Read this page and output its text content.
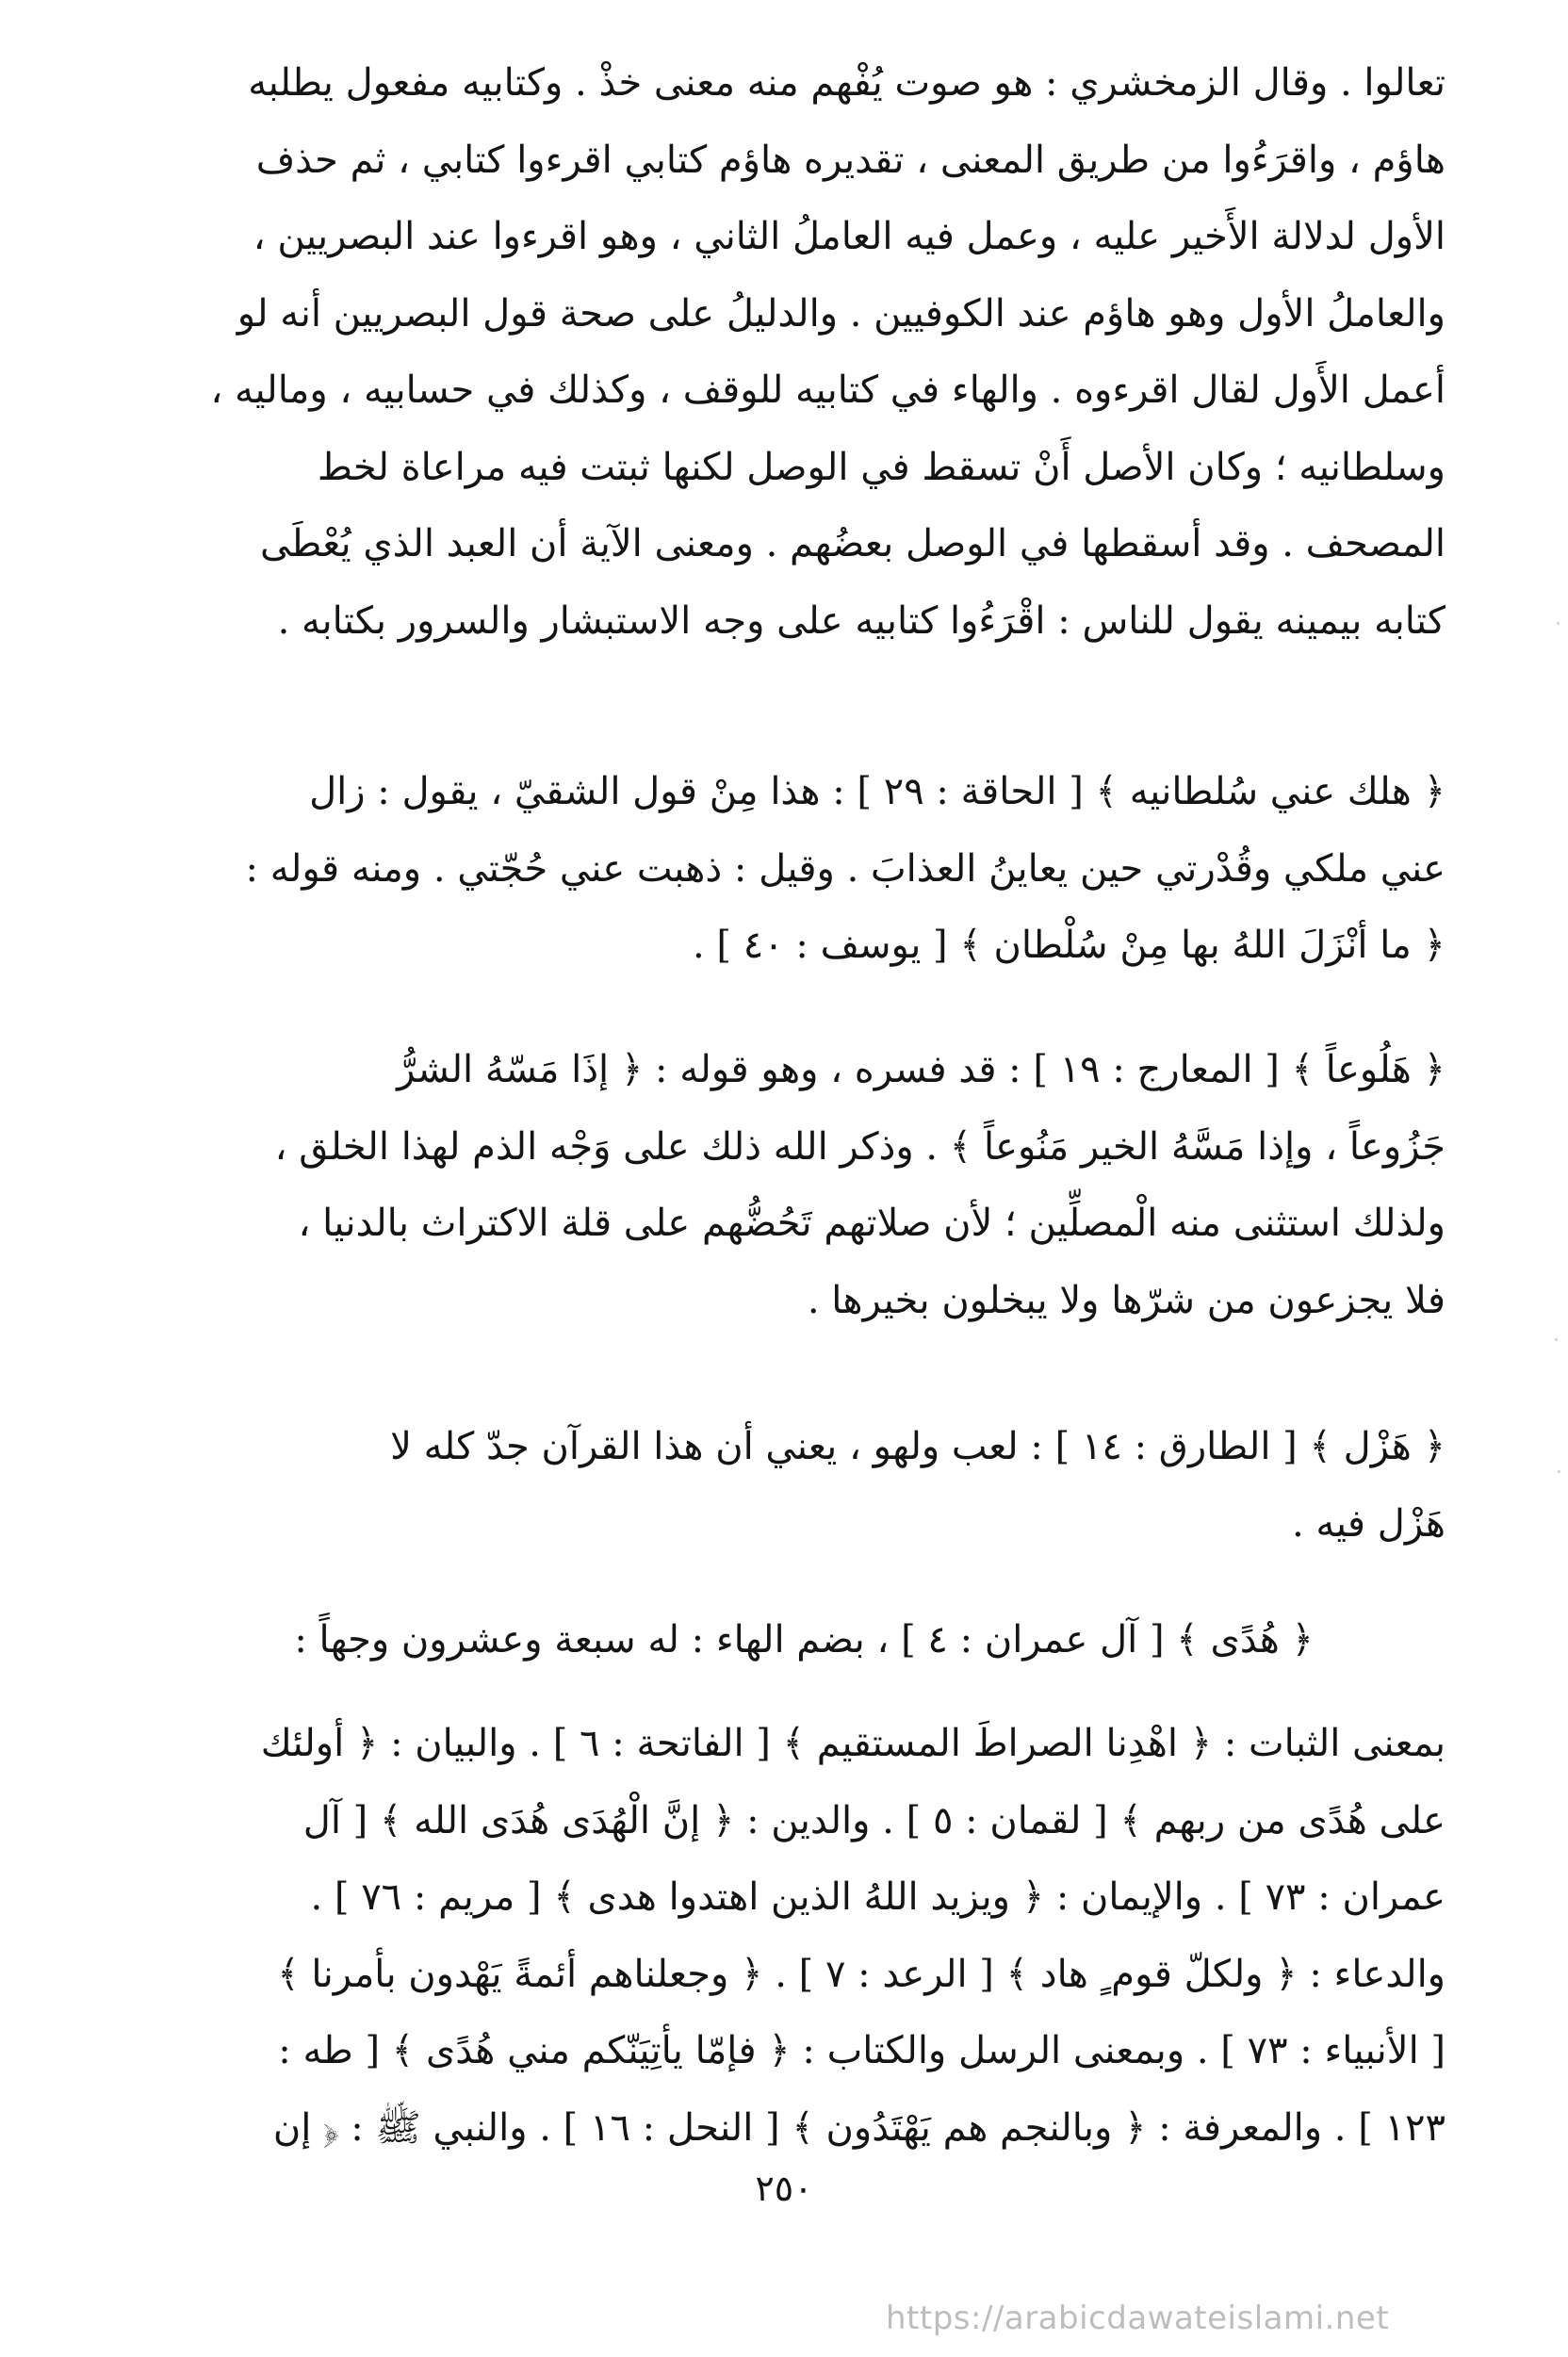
تعالوا . وقال الزمخشري : هو صوت يُفْهم منه معنى خذْ . وكتابيه مفعول يطلبه
هاؤم ، واقرَءُوا من طريق المعنى ، تقديره هاؤم كتابي اقرءوا كتابي ، ثم حذف
الأول لدلالة الأَخير عليه ، وعمل فيه العاملُ الثاني ، وهو اقرءوا عند البصريين ،
والعاملُ الأول وهو هاؤم عند الكوفيين . والدليلُ على صحة قول البصريين أنه لو
أعمل الأَول لقال اقرءوه . والهاء في كتابيه للوقف ، وكذلك في حسابيه ، وماليه ،
وسلطانيه ؛ وكان الأصل أَنْ تسقط في الوصل لكنها ثبتت فيه مراعاة لخط
المصحف . وقد أسقطها في الوصل بعضُهم . ومعنى الآية أن العبد الذي يُعْطَى
كتابه بيمينه يقول للناس : اقْرَءُوا كتابيه على وجه الاستبشار والسرور بكتابه .
﴿ هلك عني سُلطانيه ﴾ [ الحاقة : ٢٩ ] : هذا مِنْ قول الشقيّ ، يقول : زال
عني ملكي وقُدْرتي حين يعاينُ العذابَ . وقيل : ذهبت عني حُجّتي . ومنه قوله :
﴿ ما أنْزَلَ اللهُ بها مِنْ سُلْطان ﴾ [ يوسف : ٤٠ ] .
﴿ هَلُوعاً ﴾ [ المعارج : ١٩ ] : قد فسره ، وهو قوله : ﴿ إذَا مَسّهُ الشرُّ
جَزُوعاً ، وإذا مَسَّهُ الخير مَنُوعاً ﴾ . وذكر الله ذلك على وَجْه الذم لهذا الخلق ،
ولذلك استثنى منه الْمصلِّين ؛ لأن صلاتهم تَحُضُّهم على قلة الاكتراث بالدنيا ،
فلا يجزعون من شرّها ولا يبخلون بخيرها .
﴿ هَزْل ﴾ [ الطارق : ١٤ ] : لعب ولهو ، يعني أن هذا القرآن جدّ كله لا
هَزْل فيه .
﴿ هُدًى ﴾ [ آل عمران : ٤ ] ، بضم الهاء : له سبعة وعشرون وجهاً :
بمعنى الثبات : ﴿ اهْدِنا الصراطَ المستقيم ﴾ [ الفاتحة : ٦ ] . والبيان : ﴿ أولئك
على هُدًى من ربهم ﴾ [ لقمان : ٥ ] . والدين : ﴿ إنَّ الْهُدَى هُدَى الله ﴾ [ آل
عمران : ٧٣ ] . والإيمان : ﴿ ويزيد اللهُ الذين اهتدوا هدى ﴾ [ مريم : ٧٦ ] .
والدعاء : ﴿ ولكلّ قوم ٍ هاد ﴾ [ الرعد : ٧ ] . ﴿ وجعلناهم أئمةً يَهْدون بأمرنا ﴾
[ الأنبياء : ٧٣ ] . وبمعنى الرسل والكتاب : ﴿ فإمّا يأتِيَنّكم مني هُدًى ﴾ [ طه :
١٢٣ ] . والمعرفة : ﴿ وبالنجم هم يَهْتَدُون ﴾ [ النحل : ١٦ ] . والنبي ﷺ : ﴿ إن
٢٥٠
https://arabicdawateislami.net
